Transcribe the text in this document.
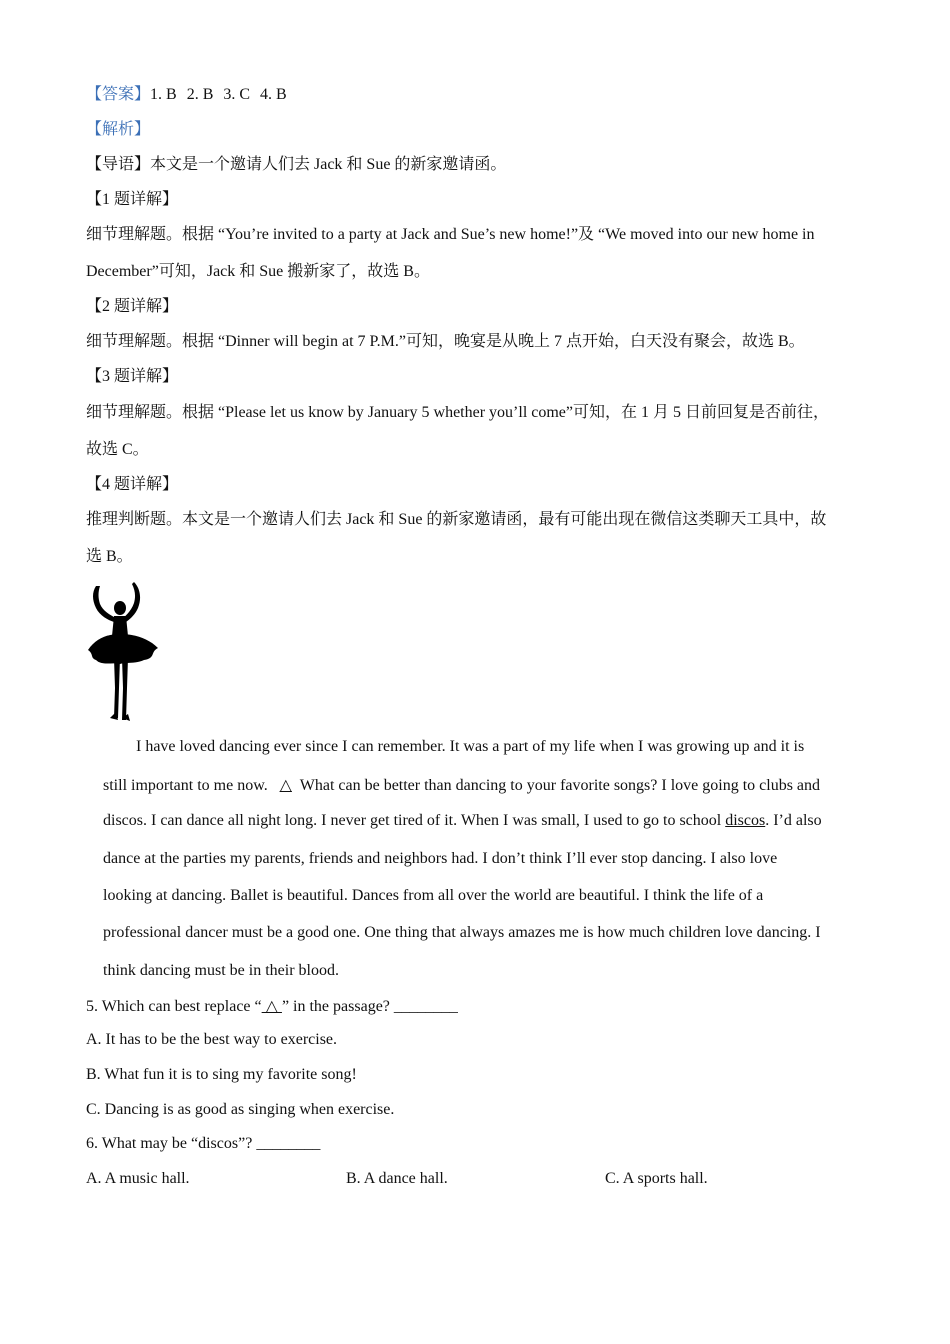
【答案】1. B 2. B 3. C 4. B
【解析】
【导语】本文是一个邀请人们去 Jack 和 Sue 的新家邀请函。
【1 题详解】
细节理解题。根据 “You’re invited to a party at Jack and Sue’s new home!”及 “We moved into our new home in
December”可知，Jack 和 Sue 搬新家了，故选 B。
【2 题详解】
细节理解题。根据 “Dinner will begin at 7 P.M.”可知，晚宴是从晚上 7 点开始，白天没有聚会，故选 B。
【3 题详解】
细节理解题。根据 “Please let us know by January 5 whether you’ll come”可知，在 1 月 5 日前回复是否前往，
故选 C。
【4 题详解】
推理判断题。本文是一个邀请人们去 Jack 和 Sue 的新家邀请函，最有可能出现在微信这类聊天工具中，故
选 B。
I have loved dancing ever since I can remember. It was a part of my life when I was growing up and it is
still important to me now. △What can be better than dancing to your favorite songs? I love going to clubs and
discos. I can dance all night long. I never get tired of it. When I was small, I used to go to school discos. I’d also
dance at the parties my parents, friends and neighbors had. I don’t think I’ll ever stop dancing. I also love
looking at dancing. Ballet is beautiful. Dances from all over the world are beautiful. I think the life of a
professional dancer must be a good one. One thing that always amazes me is how much children love dancing. I
think dancing must be in their blood.
5. Which can best replace “ △ ” in the passage? ________
A. It has to be the best way to exercise.
B. What fun it is to sing my favorite song!
C. Dancing is as good as singing when exercise.
6. What may be “discos”? ________
A. A music hall.	B. A dance hall.	C. A sports hall.
